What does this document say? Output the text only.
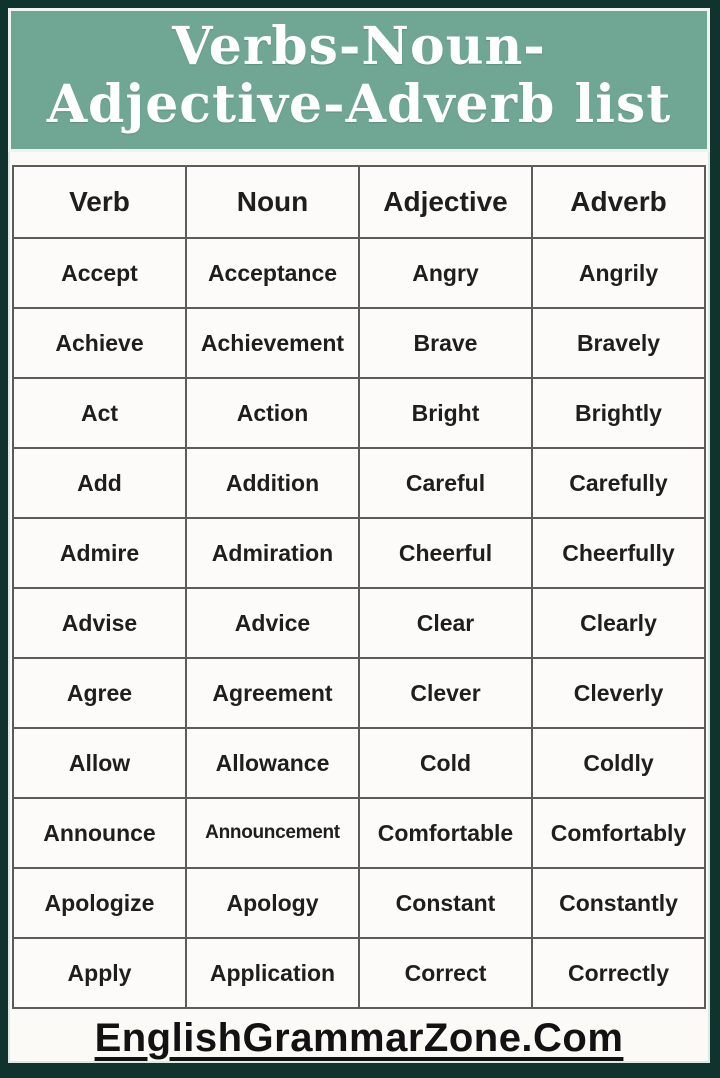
Verbs-Noun-
Adjective-Adverb list
Verb	Noun	Adjective	Adverb
Accept	Acceptance	Angry	Angrily
Achieve	Achievement	Brave	Bravely
Act	Action	Bright	Brightly
Add	Addition	Careful	Carefully
Admire	Admiration	Cheerful	Cheerfully
Advise	Advice	Clear	Clearly
Agree	Agreement	Clever	Cleverly
Allow	Allowance	Cold	Coldly
Announce	Announcement	Comfortable	Comfortably
Apologize	Apology	Constant	Constantly
Apply	Application	Correct	Correctly
EnglishGrammarZone.Com
